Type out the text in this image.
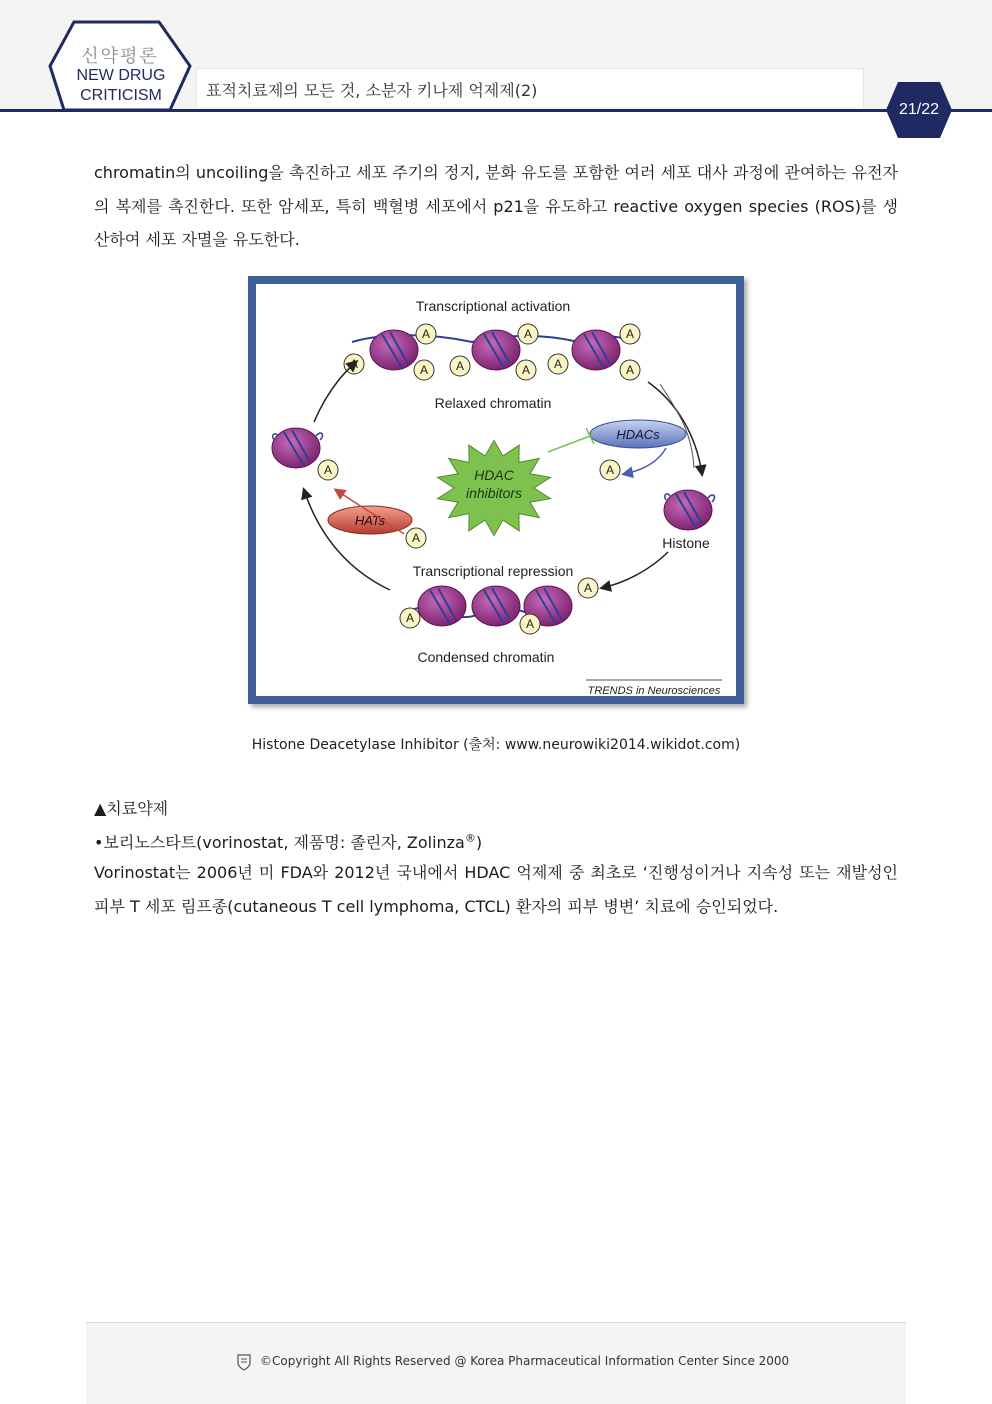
신약평론
NEW DRUG
CRITICISM	표적치료제의 모든 것, 소분자 키나제 억제제(2)
21/22
chromatin의 uncoiling을 촉진하고 세포 주기의 정지, 분화 유도를 포함한 여러 세포 대사 과정에 관여하는 유전자의 복제를 촉진한다. 또한 암세포, 특히 백혈병 세포에서 p21을 유도하고 reactive oxygen species (ROS)를 생산하여 세포 자멸을 유도한다.
Transcriptional activation
Relaxed chromatin
Transcriptional repression
Condensed chromatin
Histone
TRENDS in Neurosciences
A
A
A A
A
A A
A
A
A	A
A
A
A
A
HDACs
HDAC
inhibitors
HATs
Histone Deacetylase Inhibitor (출처: www.neurowiki2014.wikidot.com)
▲치료약제
•보리노스타트(vorinostat, 제품명: 졸린자, Zolinza®)
Vorinostat는 2006년 미 FDA와 2012년 국내에서 HDAC 억제제 중 최초로 ‘진행성이거나 지속성 또는 재발성인 피부 T 세포 림프종(cutaneous T cell lymphoma, CTCL) 환자의 피부 병변’ 치료에 승인되었다.
©Copyright All Rights Reserved @ Korea Pharmaceutical Information Center Since 2000
